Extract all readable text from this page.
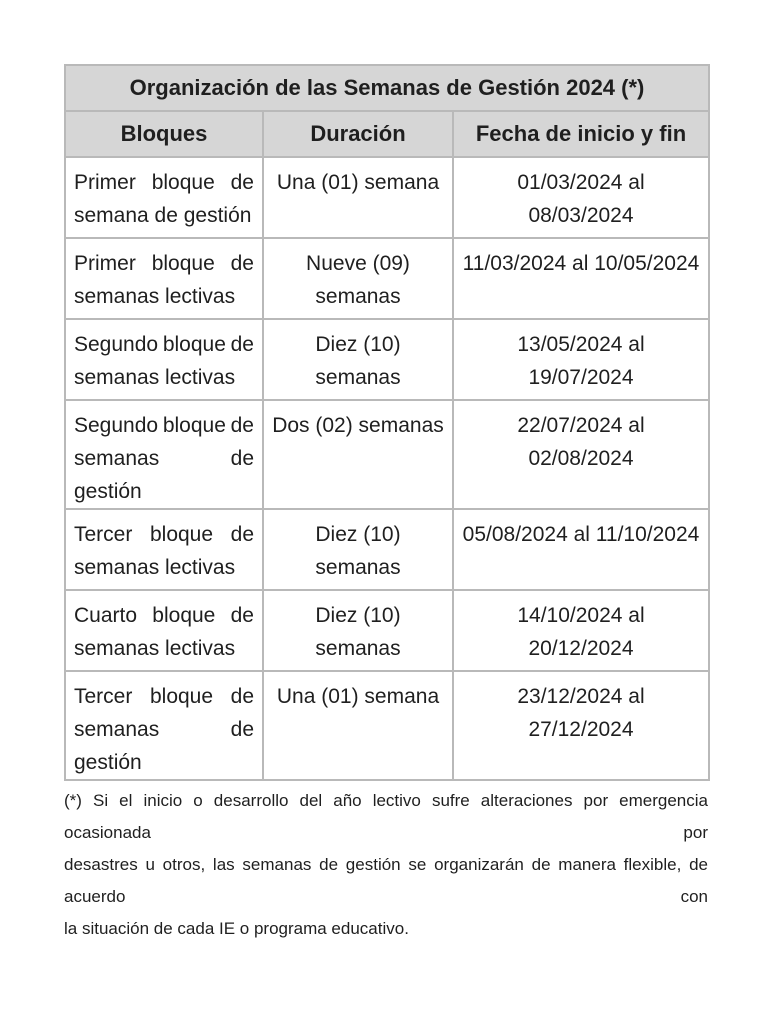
Organización de las Semanas de Gestión 2024 (*)		
Bloques	Duración	Fecha de inicio y fin

Primer bloque de
semana de gestión	Una (01) semana	01/03/2024 al 08/03/2024

Primer bloque de
semanas lectivas	Nueve (09) semanas	11/03/2024 al 10/05/2024

Segundo bloque de
semanas lectivas	Diez (10) semanas	13/05/2024 al 19/07/2024

Segundo bloque de
semanas de gestión	Dos (02) semanas	22/07/2024 al 02/08/2024

Tercer bloque de
semanas lectivas	Diez (10) semanas	05/08/2024 al 11/10/2024

Cuarto bloque de
semanas lectivas	Diez (10) semanas	14/10/2024 al 20/12/2024

Tercer bloque de
semanas de gestión	Una (01) semana	23/12/2024 al 27/12/2024
(*) Si el inicio o desarrollo del año lectivo sufre alteraciones por emergencia ocasionada por
desastres u otros, las semanas de gestión se organizarán de manera flexible, de acuerdo con
la situación de cada IE o programa educativo.
